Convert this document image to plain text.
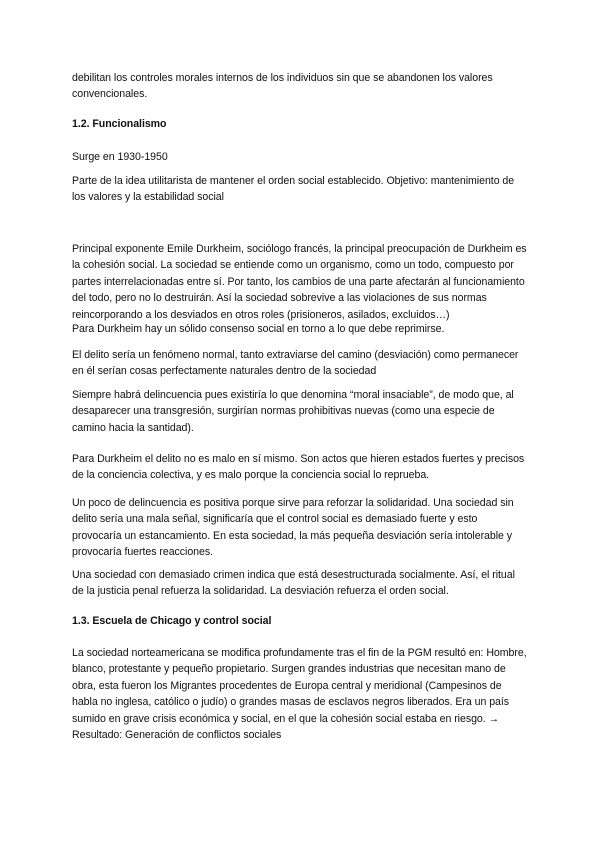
debilitan los controles morales internos de los individuos sin que se abandonen los valores convencionales.

1.2. Funcionalismo

Surge en 1930-1950

Parte de la idea utilitarista de mantener el orden social establecido. Objetivo: mantenimiento de los valores y la estabilidad social

Principal exponente Emile Durkheim, sociólogo francés, la principal preocupación de Durkheim es la cohesión social. La sociedad se entiende como un organismo, como un todo, compuesto por partes interrelacionadas entre sí. Por tanto, los cambios de una parte afectarán al funcionamiento del todo, pero no lo destruirán. Así la sociedad sobrevive a las violaciones de sus normas reincorporando a los desviados en otros roles (prisioneros, asilados, excluidos…)

Para Durkheim hay un sólido consenso social en torno a lo que debe reprimirse.

El delito sería un fenómeno normal, tanto extraviarse del camino (desviación) como permanecer en él serían cosas perfectamente naturales dentro de la sociedad

Siempre habrá delincuencia pues existiría lo que denomina “moral insaciable”, de modo que, al desaparecer una transgresión, surgirían normas prohibitivas nuevas (como una especie de camino hacia la santidad).

Para Durkheim el delito no es malo en sí mismo. Son actos que hieren estados fuertes y precisos de la conciencia colectiva, y es malo porque la conciencia social lo reprueba.

Un poco de delincuencia es positiva porque sirve para reforzar la solidaridad. Una sociedad sin delito sería una mala señal, significaría que el control social es demasiado fuerte y esto provocaría un estancamiento. En esta sociedad, la más pequeña desviación sería intolerable y provocaría fuertes reacciones.

Una sociedad con demasiado crimen indica que está desestructurada socialmente. Así, el ritual de la justicia penal refuerza la solidaridad. La desviación refuerza el orden social.

1.3. Escuela de Chicago y control social

La sociedad norteamericana se modifica profundamente tras el fin de la PGM resultó en: Hombre, blanco, protestante y pequeño propietario. Surgen grandes industrias que necesitan mano de obra, esta fueron los Migrantes procedentes de Europa central y meridional (Campesinos de habla no inglesa, católico o judío) o grandes masas de esclavos negros liberados. Era un país sumido en grave crisis económica y social, en el que la cohesión social estaba en riesgo. → Resultado: Generación de conflictos sociales
